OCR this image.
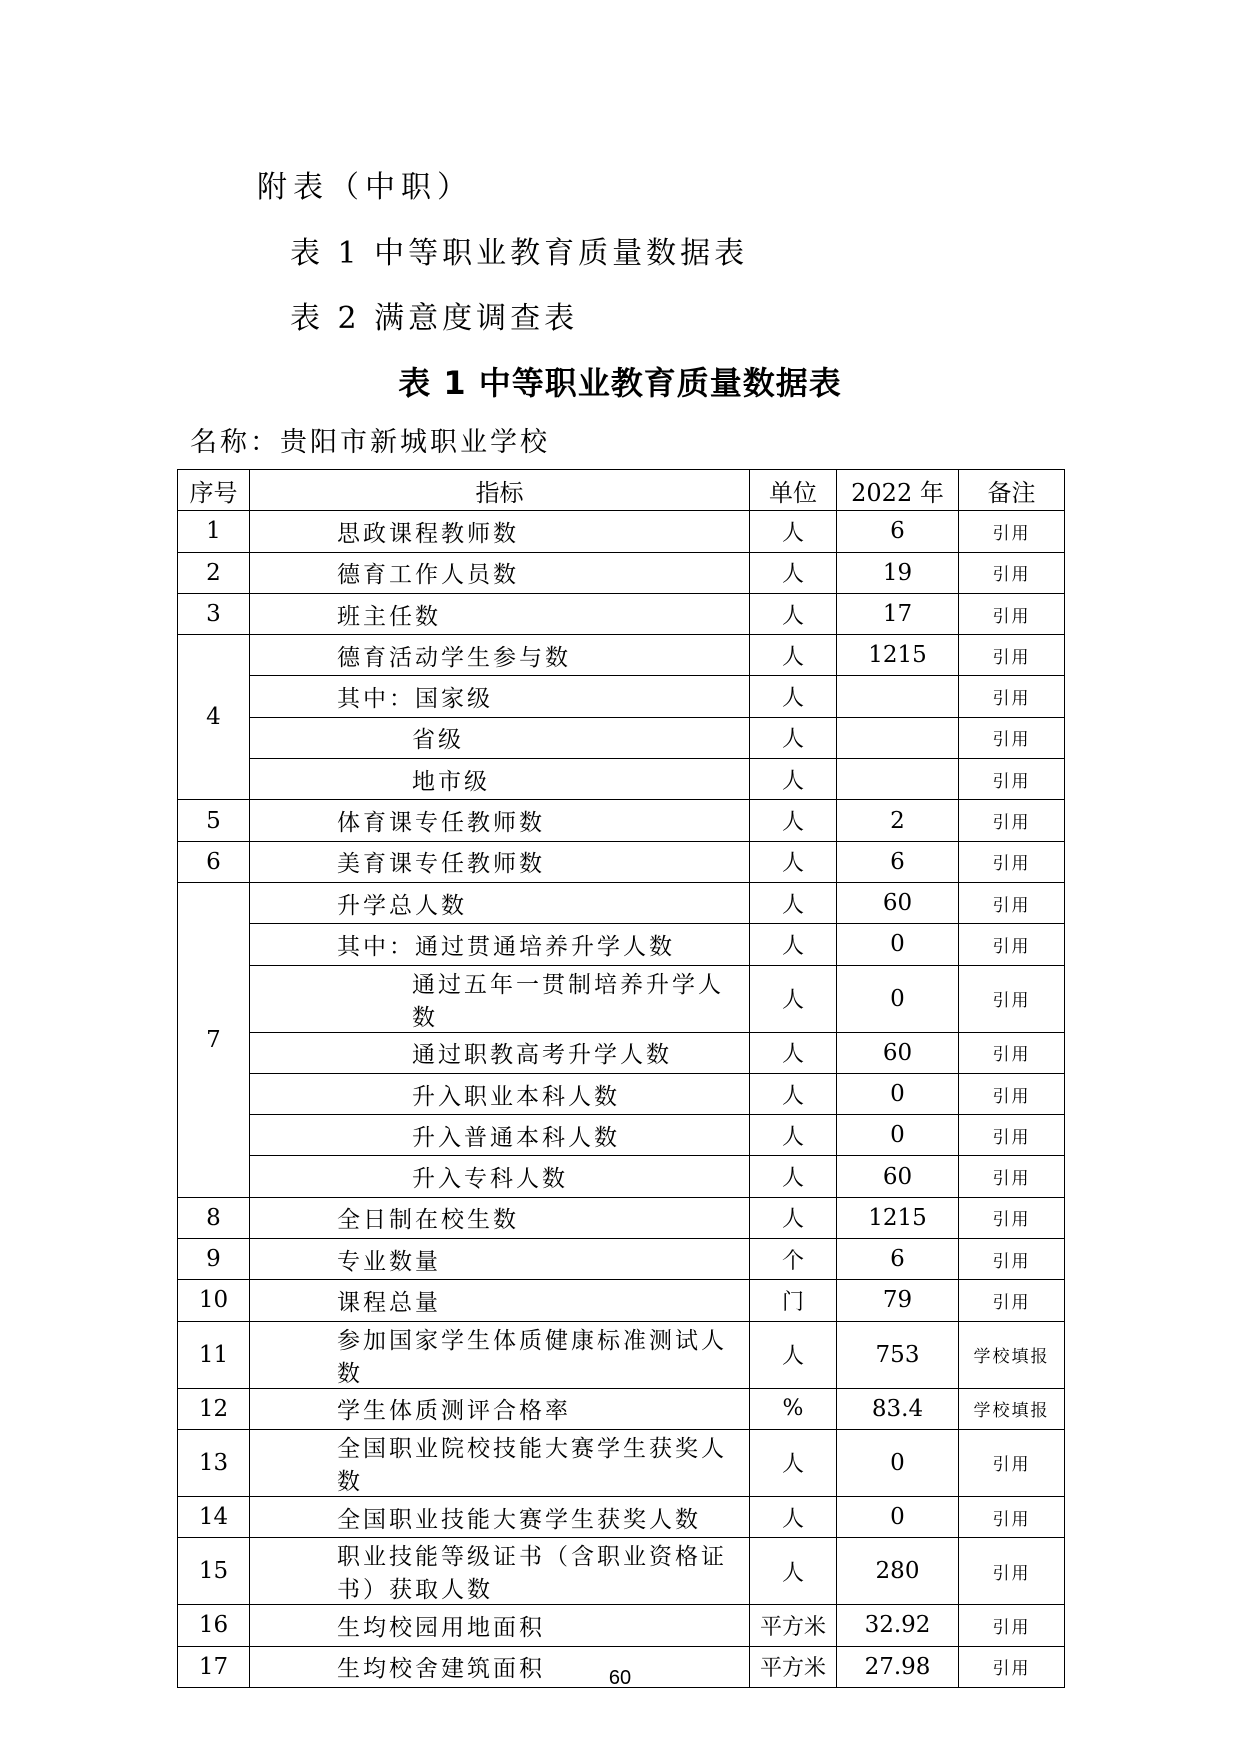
附表（中职）
表 1 中等职业教育质量数据表
表 2 满意度调查表
表 1 中等职业教育质量数据表
名称：贵阳市新城职业学校
序号	指标	单位	2022 年	备注
1	思政课程教师数	人	6	引用
2	德育工作人员数	人	19	引用
3	班主任数	人	17	引用
4	德育活动学生参与数	人	1215	引用
	其中：国家级	人		引用
	省级	人		引用
	地市级	人		引用
5	体育课专任教师数	人	2	引用
6	美育课专任教师数	人	6	引用
7	升学总人数	人	60	引用
	其中：通过贯通培养升学人数	人	0	引用
	通过五年一贯制培养升学人数	人	0	引用
	通过职教高考升学人数	人	60	引用
	升入职业本科人数	人	0	引用
	升入普通本科人数	人	0	引用
	升入专科人数	人	60	引用
8	全日制在校生数	人	1215	引用
9	专业数量	个	6	引用
10	课程总量	门	79	引用
11	参加国家学生体质健康标准测试人数	人	753	学校填报
12	学生体质测评合格率	%	83.4	学校填报
13	全国职业院校技能大赛学生获奖人数	人	0	引用
14	全国职业技能大赛学生获奖人数	人	0	引用
15	职业技能等级证书（含职业资格证书）获取人数	人	280	引用
16	生均校园用地面积	平方米	32.92	引用
17	生均校舍建筑面积	平方米	27.98	引用
60
